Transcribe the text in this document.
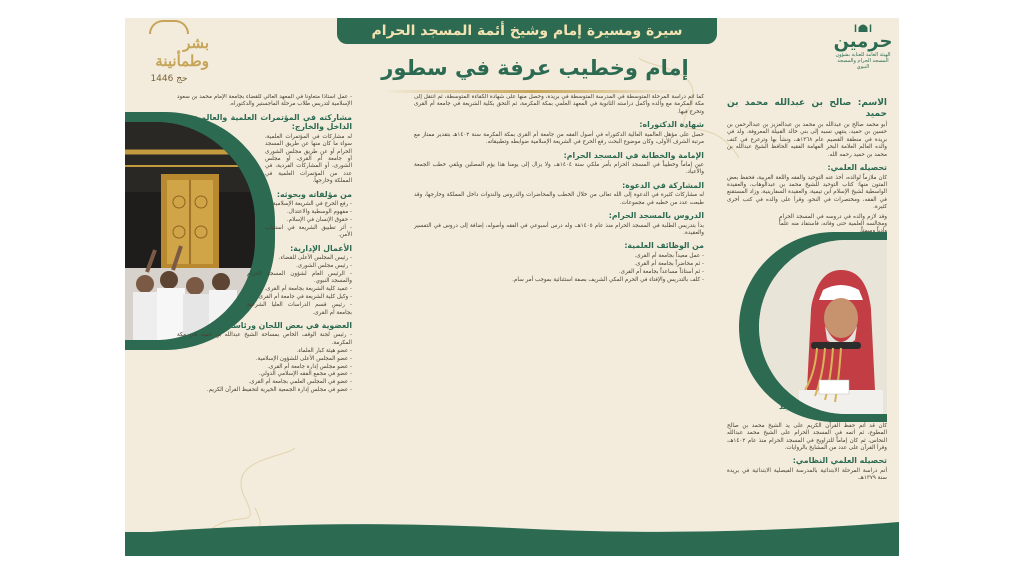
سيرة ومسيرة إمام وشيخ أئمة المسجد الحرام
إمام وخطيب عرفة في سطور
حرمين
الهيئة العامة للعناية بشؤون المسجد الحرام والمسجد النبوي
بشر وطمأنينة
حج 1446
الاسم: صالح بن عبدالله محمد بن حميد

أبو محمد صالح بن عبدالله بن محمد بن عبدالعزيز بن عبدالرحمن بن حسين بن حميد، ينتهي نسبه إلى بني خالد القبيلة المعروفة. ولد في بريدة في منطقة القصيم عام ١٣٦٨هـ، ونشأ بها وترعرع في كنف والده العالم العلامة البحر الفهامة الفقيه الحافظ الشيخ عبدالله بن محمد بن حميد رحمه الله.

تحصيله العلمي:

كان ملازماً لوالده، أخذ عنه التوحيد والفقه واللغة العربية، فحفظ بعض المتون منها: كتاب التوحيد للشيخ محمد بن عبدالوهاب، والعقيدة الواسطية لشيخ الإسلام ابن تيمية، والعقيدة السفارينية، وزاد المستقنع في الفقه، ومختصرات في النحو، وقرأ على والده في كتب أخرى كثيرة.

وقد لازم والده في دروسه في المسجد الحرام ومجالسه العلمية حتى وفاته، فاستفاد منه علماً

كان قد أتم حفظ القرآن الكريم على يد الشيخ محمد بن صالح المطوع، ثم أتمه في المسجد الحرام على الشيخ محمد عبدالله النحاس، ثم كان إماماً للتراويح في المسجد الحرام منذ عام ١٤٠٢هـ، وقرأ القرآن على عدد من المشايخ بالروايات.

تحصيله العلمي النظامي:

أتم دراسة المرحلة الابتدائية بالمدرسة الفيصلية الابتدائية في بريدة سنة ١٣٧٩هـ.

كما أتم دراسة المرحلة المتوسطة في المدرسة المتوسطة في بريدة، وحصل منها على شهادة الكفاءة المتوسطة، ثم انتقل إلى مكة المكرمة مع والده وأكمل دراسته الثانوية في المعهد العلمي بمكة المكرمة، ثم التحق بكلية الشريعة في جامعة أم القرى وتخرج فيها.

شهادة الدكتوراه:

حصل على مؤهل العالمية العالية الدكتوراه في أصول الفقه من جامعة أم القرى بمكة المكرمة سنة ١٤٠٢هـ بتقدير ممتاز مع مرتبة الشرف الأولى، وكان موضوع البحث رفع الحرج في الشريعة الإسلامية ضوابطه وتطبيقاته.

الإمامة والخطابة في المسجد الحرام:

عين إماماً وخطيباً في المسجد الحرام بأمر ملكي سنة ١٤٠٤هـ، ولا يزال إلى يومنا هذا يؤم المصلين ويلقي خطب الجمعة والأعياد.

المشاركة في الدعوة:

له مشاركات كثيرة في الدعوة إلى الله تعالى من خلال الخطب والمحاضرات والدروس والندوات داخل المملكة وخارجها، وقد طبعت عدد من خطبه في مجموعات.

الدروس بالمسجد الحرام:

بدأ بتدريس الطلبة في المسجد الحرام منذ عام ١٤٠٥هـ، وله درس أسبوعي في الفقه وأصوله، إضافة إلى دروس في التفسير والعقيدة.

من الوظائف العلمية:
- عمل معيداً بجامعة أم القرى.
- ثم محاضراً بجامعة أم القرى.
- ثم أستاذاً مساعداً بجامعة أم القرى.
- كلف بالتدريس والإفتاء في الحرم المكي الشريف بصفة استثنائية بموجب أمر سام.

- عمل أستاذاً متعاوناً في المعهد العالي للقضاء بجامعة الإمام محمد بن سعود الإسلامية لتدريس طلاب مرحلة الماجستير والدكتوراه.

مشاركته في المؤتمرات العلمية والعالمية في الداخل والخارج:

له مشاركات في المؤتمرات العلمية، سواء ما كان منها عن طريق المسجد الحرام أو عن طريق مجلس الشورى أو جامعة أم القرى، أو مجلس الشورى، أو المشاركات الفردية، في عدد من المؤتمرات العلمية في المملكة وخارجها.

من مؤلفاته وبحوثه:
- رفع الحرج في الشريعة الإسلامية.
- مفهوم الوسطية والاعتدال.
- حقوق الإنسان في الإسلام.
- أثر تطبيق الشريعة في استتباب الأمن.
الأعمال الإدارية:
- رئيس المجلس الأعلى للقضاء.
- رئيس مجلس الشورى.
- الرئيس العام لشؤون المسجد الحرام والمسجد النبوي.
- عميد كلية الشريعة بجامعة أم القرى.
- وكيل كلية الشريعة في جامعة أم القرى.
- رئيس قسم الدراسات العليا الشرعية بجامعة أم القرى.
العضوية في بعض اللجان ورئاستها:
- رئيس لجنة الوقف الخاص بمساحة الشيخ عبدالله بن حميد في مكة المكرمة.
- عضو هيئة كبار العلماء.
- عضو المجلس الأعلى للشؤون الإسلامية.
- عضو مجلس إدارة جامعة أم القرى.
- عضو في مجمع الفقه الإسلامي الدولي.
- عضو في المجلس العلمي بجامعة أم القرى.
- عضو في مجلس إدارة الجمعية الخيرية لتحفيظ القرآن الكريم.
